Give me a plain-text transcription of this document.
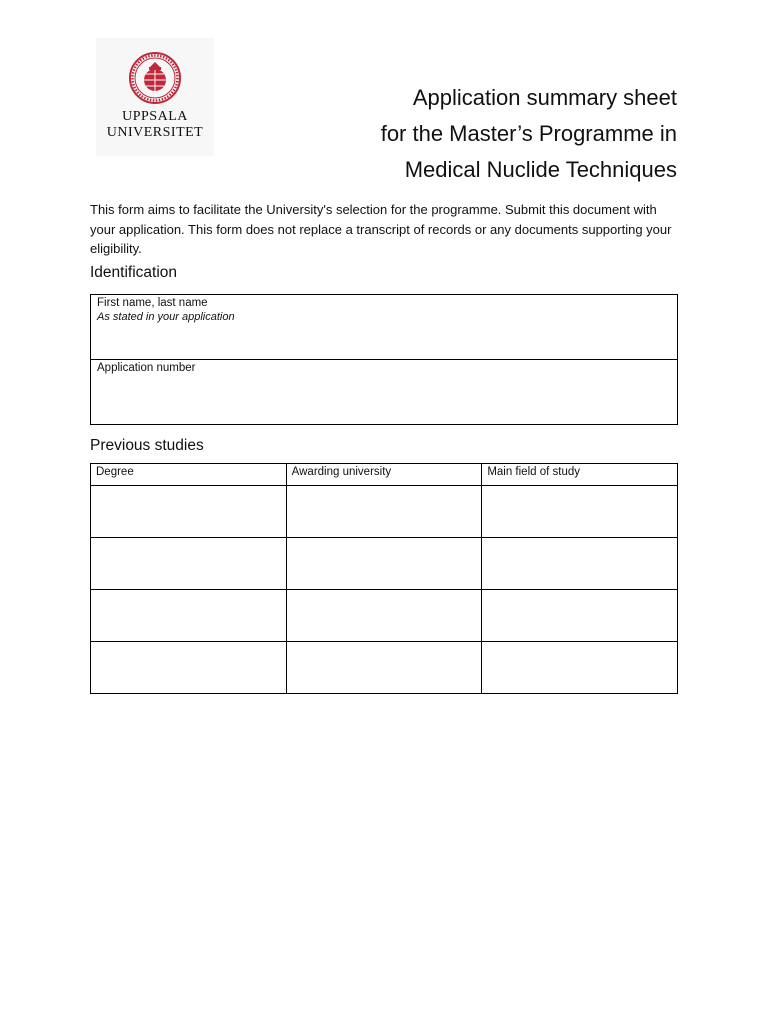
UPPSALA
UNIVERSITET
Application summary sheet
for the Master’s Programme in
Medical Nuclide Techniques
This form aims to facilitate the University's selection for the programme. Submit this document with your application. This form does not replace a transcript of records or any documents supporting your eligibility.
Identification
First name, last name
As stated in your application

Application number
Previous studies
Degree	Awarding university	Main field of study
